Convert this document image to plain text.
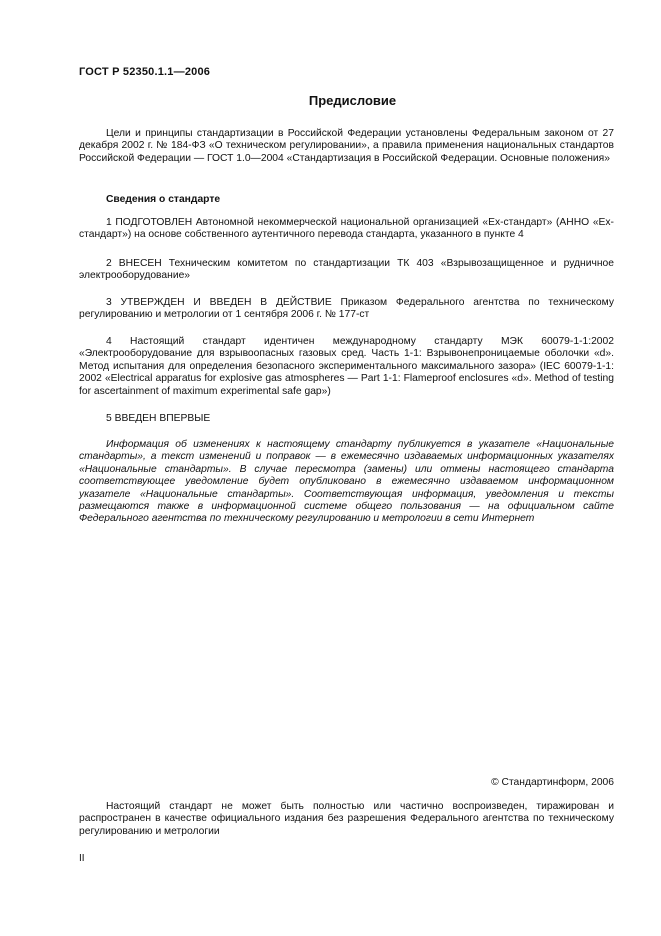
ГОСТ Р 52350.1.1—2006
Предисловие
Цели и принципы стандартизации в Российской Федерации установлены Федеральным законом от 27 декабря 2002 г. № 184-ФЗ «О техническом регулировании», а правила применения национальных стандартов Российской Федерации — ГОСТ 1.0—2004 «Стандартизация в Российской Федерации. Основные положения»
Сведения о стандарте
1 ПОДГОТОВЛЕН Автономной некоммерческой национальной организацией «Ех-стандарт» (АННО «Ех-стандарт») на основе собственного аутентичного перевода стандарта, указанного в пункте 4
2 ВНЕСЕН Техническим комитетом по стандартизации ТК 403 «Взрывозащищенное и рудничное электрооборудование»
3 УТВЕРЖДЕН И ВВЕДЕН В ДЕЙСТВИЕ Приказом Федерального агентства по техническому регулированию и метрологии от 1 сентября 2006 г. № 177-ст
4 Настоящий стандарт идентичен международному стандарту МЭК 60079-1-1:2002 «Электрооборудование для взрывоопасных газовых сред. Часть 1-1: Взрывонепроницаемые оболочки «d». Метод испытания для определения безопасного экспериментального максимального зазора» (IEC 60079-1-1: 2002 «Electrical apparatus for explosive gas atmospheres — Part 1-1: Flameproof enclosures «d». Method of testing for ascertainment of maximum experimental safe gap»)
5 ВВЕДЕН ВПЕРВЫЕ
Информация об изменениях к настоящему стандарту публикуется в указателе «Национальные стандарты», а текст изменений и поправок — в ежемесячно издаваемых информационных указателях «Национальные стандарты». В случае пересмотра (замены) или отмены настоящего стандарта соответствующее уведомление будет опубликовано в ежемесячно издаваемом информационном указателе «Национальные стандарты». Соответствующая информация, уведомления и тексты размещаются также в информационной системе общего пользования — на официальном сайте Федерального агентства по техническому регулированию и метрологии в сети Интернет
© Стандартинформ, 2006
Настоящий стандарт не может быть полностью или частично воспроизведен, тиражирован и распространен в качестве официального издания без разрешения Федерального агентства по техническому регулированию и метрологии
II
